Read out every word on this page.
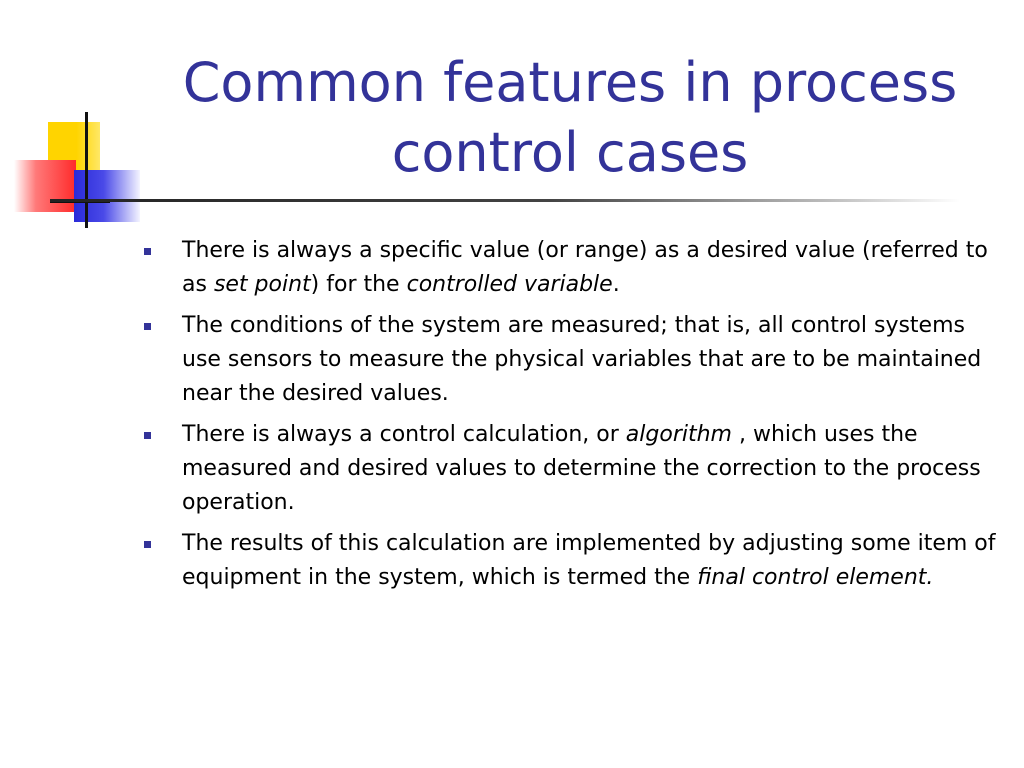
Common features in process
control cases
There is always a specific value (or range) as a desired value (referred to as set point) for the controlled variable.
The conditions of the system are measured; that is, all control systems use sensors to measure the physical variables that are to be maintained near the desired values.
There is always a control calculation, or algorithm , which uses the measured and desired values to determine the correction to the process operation.
The results of this calculation are implemented by adjusting some item of equipment in the system, which is termed the final control element.
